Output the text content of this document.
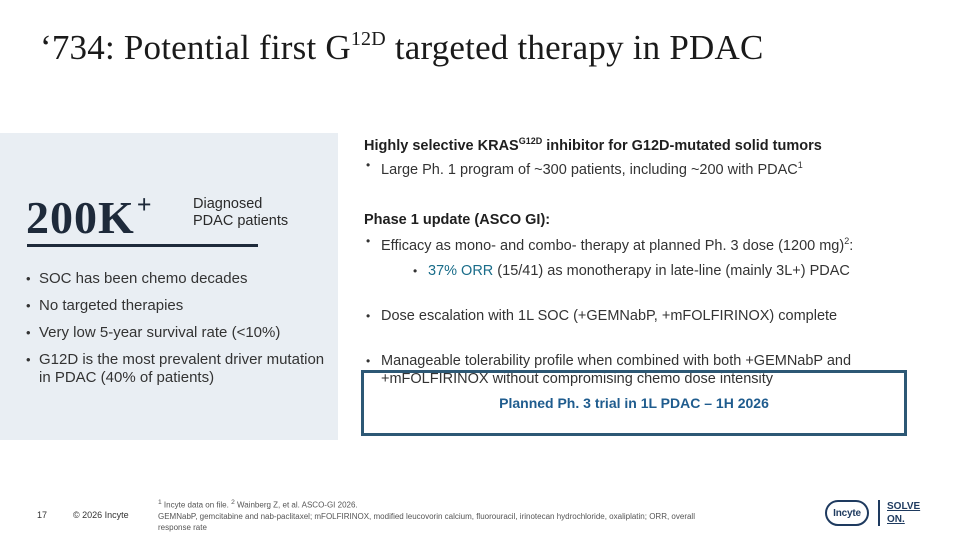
‘734: Potential first $G^{12D}$ targeted therapy in PDAC
200K+	Diagnosed
PDAC patients
• SOC has been chemo decades
• No targeted therapies
• Very low 5-year survival rate (<10%)
• G12D is the most prevalent driver mutation in PDAC (40% of patients)
Highly selective $KRAS^{G12D}$ inhibitor for G12D-mutated solid tumors
• Large Ph. 1 program of ~300 patients, including ~200 with PDAC$^1$
Phase 1 update (ASCO GI):
• Efficacy as mono- and combo- therapy at planned Ph. 3 dose (1200 mg)$^2$:
• 37% ORR (15/41) as monotherapy in late-line (mainly 3L+) PDAC
• Dose escalation with 1L SOC (+GEMNabP, +mFOLFIRINOX) complete
• Manageable tolerability profile when combined with both +GEMNabP and
+mFOLFIRINOX without compromising chemo dose intensity
Planned Ph. 3 trial in 1L PDAC – 1H 2026
17	© 2026 Incyte
$^1$ Incyte data on file. $^2$ Wainberg Z, et al. ASCO-GI 2026.
GEMNabP, gemcitabine and nab-paclitaxel; mFOLFIRINOX, modified leucovorin calcium, fluorouracil, irinotecan hydrochloride, oxaliplatin; ORR, overall
response rate
Incyte
SOLVE
ON.
